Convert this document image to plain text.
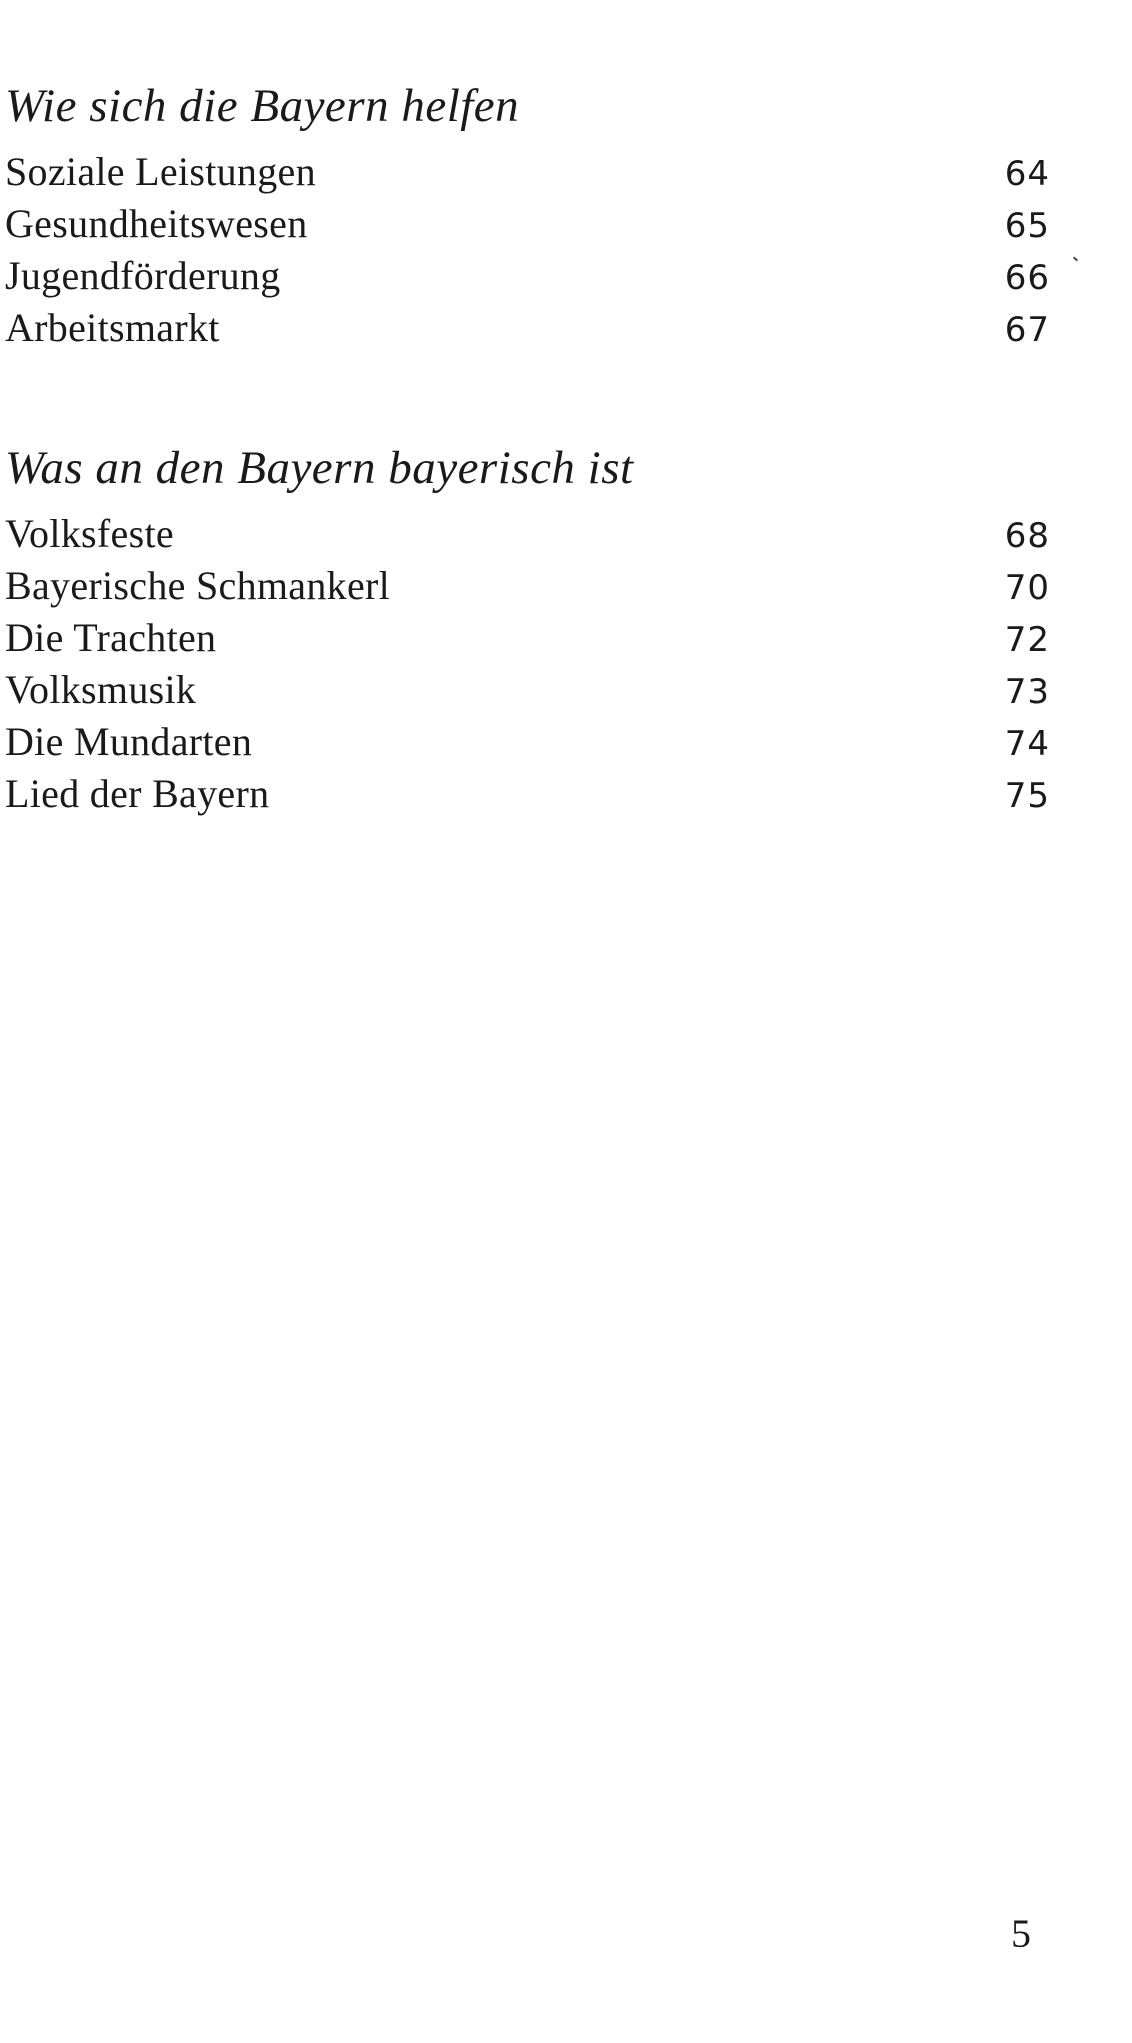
Wie sich die Bayern helfen
Soziale Leistungen	64
Gesundheitswesen	65
Jugendförderung	66
Arbeitsmarkt	67
Was an den Bayern bayerisch ist
Volksfeste	68
Bayerische Schmankerl	70
Die Trachten	72
Volksmusik	73
Die Mundarten	74
Lied der Bayern	75
5
